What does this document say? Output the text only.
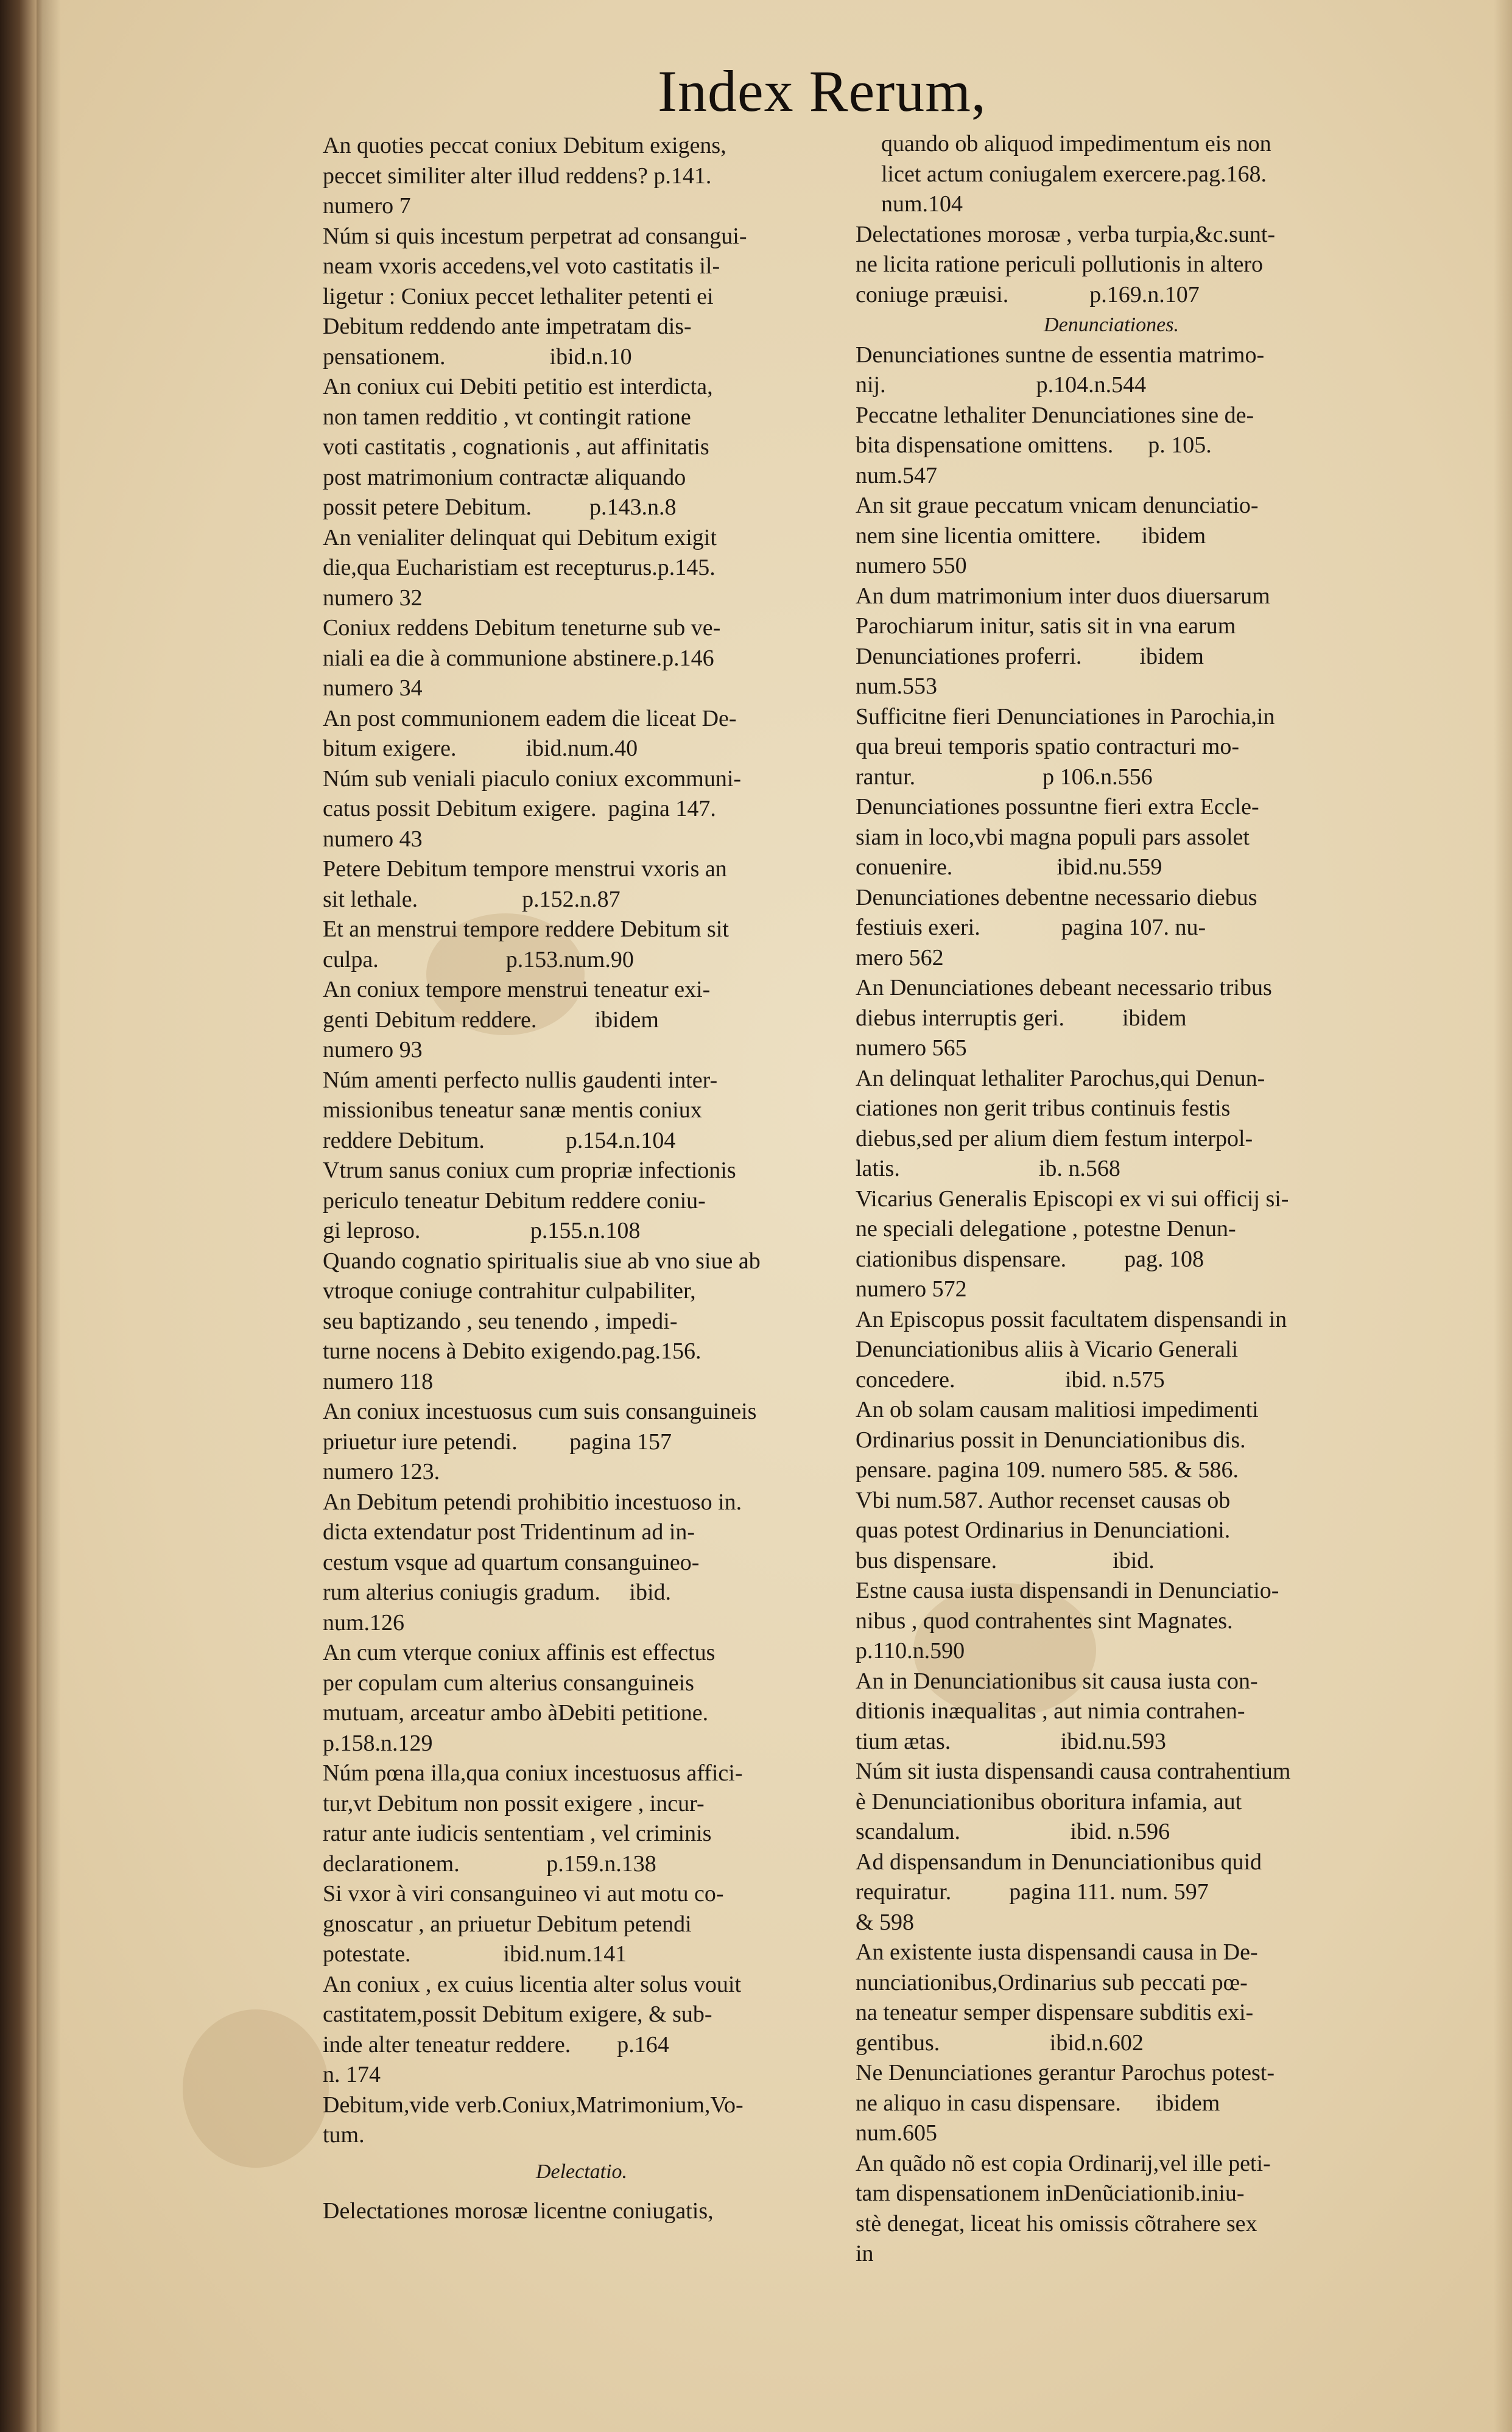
Index Rerum,
An quoties peccat coniux Debitum exigens,
peccet similiter alter illud reddens? p.141.
numero 7
Núm si quis incestum perpetrat ad consangui-
neam vxoris accedens,vel voto castitatis il-
ligetur : Coniux peccet lethaliter petenti ei
Debitum reddendo ante impetratam dis-
pensationem.                  ibid.n.10
An coniux cui Debiti petitio est interdicta,
non tamen redditio , vt contingit ratione
voti castitatis , cognationis , aut affinitatis
post matrimonium contractæ aliquando
possit petere Debitum.          p.143.n.8
An venialiter delinquat qui Debitum exigit
die,qua Eucharistiam est recepturus.p.145.
numero 32
Coniux reddens Debitum teneturne sub ve-
niali ea die à communione abstinere.p.146
numero 34
An post communionem eadem die liceat De-
bitum exigere.            ibid.num.40
Núm sub veniali piaculo coniux excommuni-
catus possit Debitum exigere.  pagina 147.
numero 43
Petere Debitum tempore menstrui vxoris an
sit lethale.                  p.152.n.87
Et an menstrui tempore reddere Debitum sit
culpa.                      p.153.num.90
An coniux tempore menstrui teneatur exi-
genti Debitum reddere.          ibidem
numero 93
Núm amenti perfecto nullis gaudenti inter-
missionibus teneatur sanæ mentis coniux
reddere Debitum.              p.154.n.104
Vtrum sanus coniux cum propriæ infectionis
periculo teneatur Debitum reddere coniu-
gi leproso.                   p.155.n.108
Quando cognatio spiritualis siue ab vno siue ab
vtroque coniuge contrahitur culpabiliter,
seu baptizando , seu tenendo , impedi-
turne nocens à Debito exigendo.pag.156.
numero 118
An coniux incestuosus cum suis consanguineis
priuetur iure petendi.         pagina 157
numero 123.
An Debitum petendi prohibitio incestuoso in.
dicta extendatur post Tridentinum ad in-
cestum vsque ad quartum consanguineo-
rum alterius coniugis gradum.     ibid.
num.126
An cum vterque coniux affinis est effectus
per copulam cum alterius consanguineis
mutuam, arceatur ambo àDebiti petitione.
p.158.n.129
Núm pœna illa,qua coniux incestuosus affici-
tur,vt Debitum non possit exigere , incur-
ratur ante iudicis sententiam , vel criminis
declarationem.               p.159.n.138
Si vxor à viri consanguineo vi aut motu co-
gnoscatur , an priuetur Debitum petendi
potestate.                ibid.num.141
An coniux , ex cuius licentia alter solus vouit
castitatem,possit Debitum exigere, & sub-
inde alter teneatur reddere.        p.164
n. 174
Debitum,vide verb.Coniux,Matrimonium,Vo-
tum.
Delectatio.
Delectationes morosæ licentne coniugatis,
quando ob aliquod impedimentum eis non
licet actum coniugalem exercere.pag.168.
num.104
Delectationes morosæ , verba turpia,&c.sunt-
ne licita ratione periculi pollutionis in altero
coniuge præuisi.              p.169.n.107
Denunciationes.
Denunciationes suntne de essentia matrimo-
nij.                          p.104.n.544
Peccatne lethaliter Denunciationes sine de-
bita dispensatione omittens.      p. 105.
num.547
An sit graue peccatum vnicam denunciatio-
nem sine licentia omittere.       ibidem
numero 550
An dum matrimonium inter duos diuersarum
Parochiarum initur, satis sit in vna earum
Denunciationes proferri.          ibidem
num.553
Sufficitne fieri Denunciationes in Parochia,in
qua breui temporis spatio contracturi mo-
rantur.                      p 106.n.556
Denunciationes possuntne fieri extra Eccle-
siam in loco,vbi magna populi pars assolet
conuenire.                  ibid.nu.559
Denunciationes debentne necessario diebus
festiuis exeri.              pagina 107. nu-
mero 562
An Denunciationes debeant necessario tribus
diebus interruptis geri.          ibidem
numero 565
An delinquat lethaliter Parochus,qui Denun-
ciationes non gerit tribus continuis festis
diebus,sed per alium diem festum interpol-
latis.                        ib. n.568
Vicarius Generalis Episcopi ex vi sui officij si-
ne speciali delegatione , potestne Denun-
ciationibus dispensare.          pag. 108
numero 572
An Episcopus possit facultatem dispensandi in
Denunciationibus aliis à Vicario Generali
concedere.                   ibid. n.575
An ob solam causam malitiosi impedimenti
Ordinarius possit in Denunciationibus dis.
pensare. pagina 109. numero 585. & 586.
Vbi num.587. Author recenset causas ob
quas potest Ordinarius in Denunciationi.
bus dispensare.                    ibid.
Estne causa iusta dispensandi in Denunciatio-
nibus , quod contrahentes sint Magnates.
p.110.n.590
An in Denunciationibus sit causa iusta con-
ditionis inæqualitas , aut nimia contrahen-
tium ætas.                   ibid.nu.593
Núm sit iusta dispensandi causa contrahentium
è Denunciationibus oboritura infamia, aut
scandalum.                   ibid. n.596
Ad dispensandum in Denunciationibus quid
requiratur.          pagina 111. num. 597
& 598
An existente iusta dispensandi causa in De-
nunciationibus,Ordinarius sub peccati pœ-
na teneatur semper dispensare subditis exi-
gentibus.                   ibid.n.602
Ne Denunciationes gerantur Parochus potest-
ne aliquo in casu dispensare.      ibidem
num.605
An quãdo nõ est copia Ordinarij,vel ille peti-
tam dispensationem inDenũciationib.iniu-
stè denegat, liceat his omissis cõtrahere sex
in
